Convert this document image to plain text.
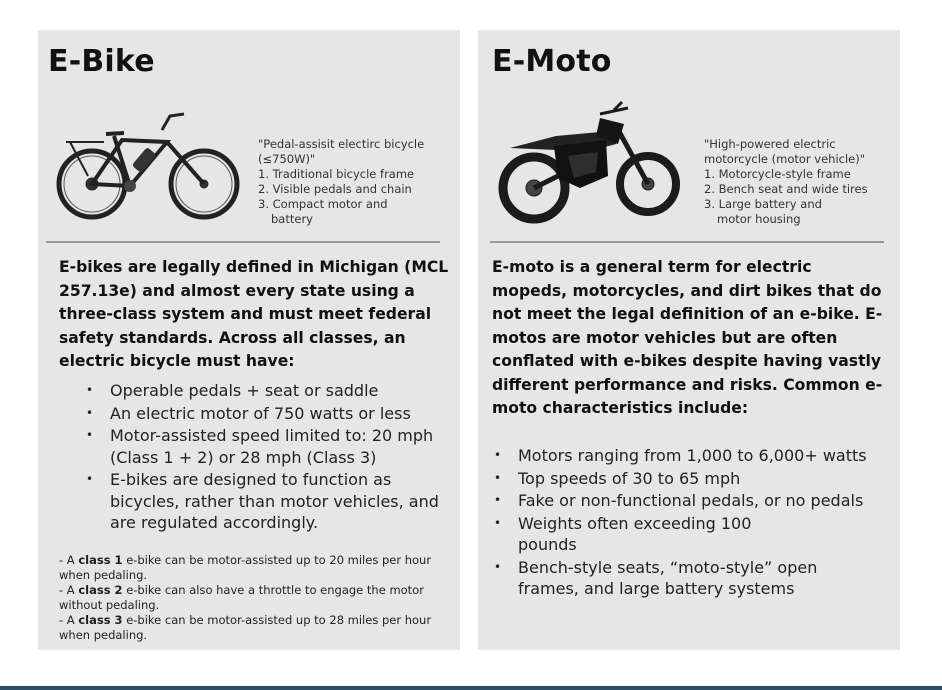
E-Bike
"Pedal-assisit electirc bicycle
(≤750W)"
1. Traditional bicycle frame
2. Visible pedals and chain
3. Compact motor and
battery
E-bikes are legally defined in Michigan (MCL 257.13e) and almost every state using a three-class system and must meet federal safety standards. Across all classes, an electric bicycle must have:
• Operable pedals + seat or saddle
• An electric motor of 750 watts or less
• Motor-assisted speed limited to: 20 mph (Class 1 + 2) or 28 mph (Class 3)
• E-bikes are designed to function as bicycles, rather than motor vehicles, and are regulated accordingly.
- A class 1 e-bike can be motor-assisted up to 20 miles per hour when pedaling.
- A class 2 e-bike can also have a throttle to engage the motor without pedaling.
- A class 3 e-bike can be motor-assisted up to 28 miles per hour when pedaling.
E-Moto
"High-powered electric
motorcycle (motor vehicle)"
1. Motorcycle-style frame
2. Bench seat and wide tires
3. Large battery and
motor housing
E-moto is a general term for electric mopeds, motorcycles, and dirt bikes that do not meet the legal definition of an e-bike. E-motos are motor vehicles but are often conflated with e-bikes despite having vastly different performance and risks. Common e-moto characteristics include:
• Motors ranging from 1,000 to 6,000+ watts
• Top speeds of 30 to 65 mph
• Fake or non-functional pedals, or no pedals
• Weights often exceeding 100 pounds
• Bench-style seats, “moto-style” open frames, and large battery systems
